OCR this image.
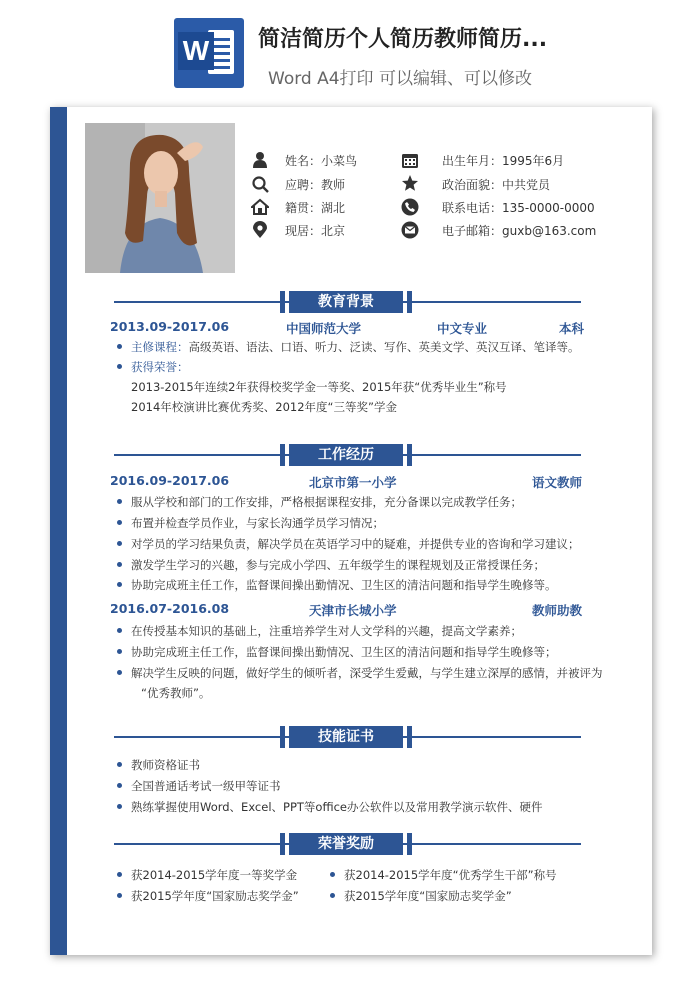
W 简洁简历个人简历教师简历...
Word A4打印 可以编辑、可以修改
姓名：小菜鸟
应聘：教师
籍贯：湖北
现居：北京
出生年月：1995年6月
政治面貌：中共党员
联系电话：135-0000-0000
电子邮箱：guxb@163.com
教育背景
2013.09-2017.06	中国师范大学	中文专业	本科
主修课程：高级英语、语法、口语、听力、泛读、写作、英美文学、英汉互译、笔译等。
获得荣誉：
2013-2015年连续2年获得校奖学金一等奖、2015年获“优秀毕业生”称号
2014年校演讲比赛优秀奖、2012年度“三等奖”学金
工作经历
2016.09-2017.06	北京市第一小学	语文教师
服从学校和部门的工作安排，严格根据课程安排，充分备课以完成教学任务；
布置并检查学员作业，与家长沟通学员学习情况；
对学员的学习结果负责，解决学员在英语学习中的疑难，并提供专业的咨询和学习建议；
激发学生学习的兴趣，参与完成小学四、五年级学生的课程规划及正常授课任务；
协助完成班主任工作，监督课间操出勤情况、卫生区的清洁问题和指导学生晚修等。
2016.07-2016.08	天津市长城小学	教师助教
在传授基本知识的基础上，注重培养学生对人文学科的兴趣，提高文学素养；
协助完成班主任工作，监督课间操出勤情况、卫生区的清洁问题和指导学生晚修等；
解决学生反映的问题，做好学生的倾听者，深受学生爱戴，与学生建立深厚的感情，并被评为
“优秀教师”。
技能证书
教师资格证书
全国普通话考试一级甲等证书
熟练掌握使用Word、Excel、PPT等office办公软件以及常用教学演示软件、硬件
荣誉奖励
获2014-2015学年度一等奖学金	获2014-2015学年度“优秀学生干部”称号
获2015学年度“国家励志奖学金”	获2015学年度“国家励志奖学金”
